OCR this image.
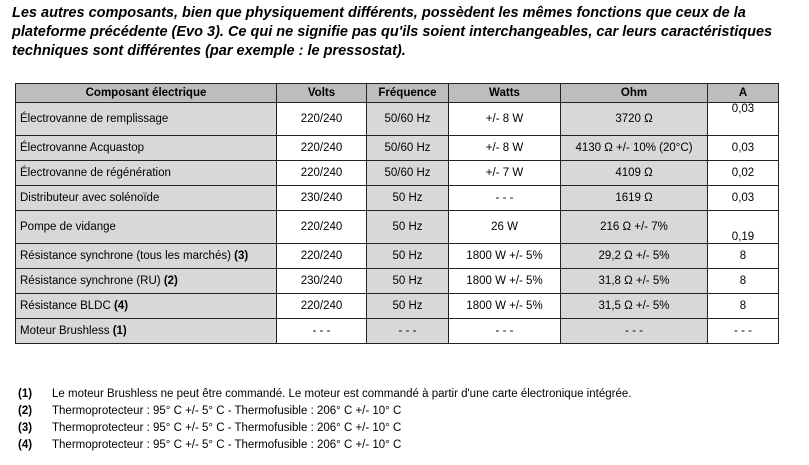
Les autres composants, bien que physiquement différents, possèdent les mêmes fonctions que ceux de la
plateforme précédente (Evo 3). Ce qui ne signifie pas qu'ils soient interchangeables, car leurs caractéristiques
techniques sont différentes (par exemple : le pressostat).
Composant électrique	Volts	Fréquence	Watts	Ohm	A
Électrovanne de remplissage	220/240	50/60 Hz	+/- 8 W	3720 Ω	0,03
Électrovanne Acquastop	220/240	50/60 Hz	+/- 8 W	4130 Ω +/- 10% (20°C)	0,03
Électrovanne de régénération	220/240	50/60 Hz	+/- 7 W	4109 Ω	0,02
Distributeur avec solénoïde	230/240	50 Hz	- - -	1619 Ω	0,03
Pompe de vidange	220/240	50 Hz	26 W	216 Ω +/- 7%	0,19
Résistance synchrone (tous les marchés) (3)	220/240	50 Hz	1800 W +/- 5%	29,2 Ω +/- 5%	8
Résistance synchrone (RU) (2)	230/240	50 Hz	1800 W +/- 5%	31,8 Ω +/- 5%	8
Résistance BLDC (4)	220/240	50 Hz	1800 W +/- 5%	31,5 Ω +/- 5%	8
Moteur Brushless (1)	- - -	- - -	- - -	- - -	- - -
(1) Le moteur Brushless ne peut être commandé. Le moteur est commandé à partir d'une carte électronique intégrée.
(2) Thermoprotecteur : 95° C +/- 5° C - Thermofusible : 206° C +/- 10° C
(3) Thermoprotecteur : 95° C +/- 5° C - Thermofusible : 206° C +/- 10° C
(4) Thermoprotecteur : 95° C +/- 5° C - Thermofusible : 206° C +/- 10° C
